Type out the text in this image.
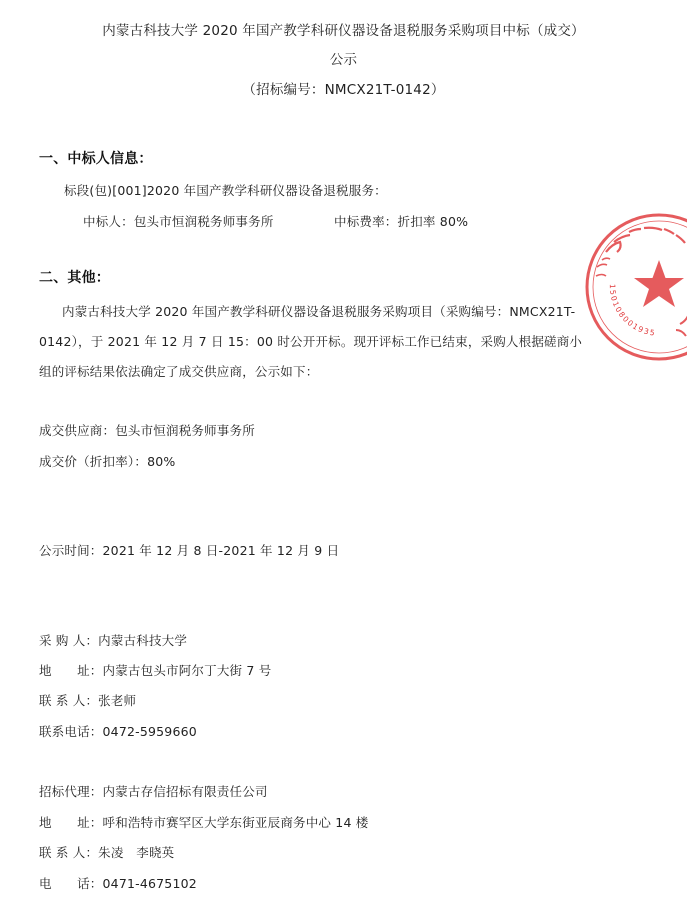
内蒙古科技大学 2020 年国产教学科研仪器设备退税服务采购项目中标（成交）
公示
（招标编号：NMCX21T-0142）
一、中标人信息：
标段(包)[001]2020 年国产教学科研仪器设备退税服务：
中标人：包头市恒润税务师事务所	中标费率：折扣率 80%
二、其他：
内蒙古科技大学 2020 年国产教学科研仪器设备退税服务采购项目（采购编号：NMCX21T-
0142），于 2021 年 12 月 7 日 15：00 时公开开标。现开评标工作已结束，采购人根据磋商小
组的评标结果依法确定了成交供应商，公示如下：
成交供应商：包头市恒润税务师事务所
成交价（折扣率）：80%
公示时间：2021 年 12 月 8 日-2021 年 12 月 9 日
采 购 人：内蒙古科技大学
地　　址：内蒙古包头市阿尔丁大街 7 号
联 系 人：张老师
联系电话：0472-5959660
招标代理：内蒙古存信招标有限责任公司
地　　址：呼和浩特市赛罕区大学东街亚辰商务中心 14 楼
联 系 人：朱凌　李晓英
电　　话：0471-4675102
150108001935
